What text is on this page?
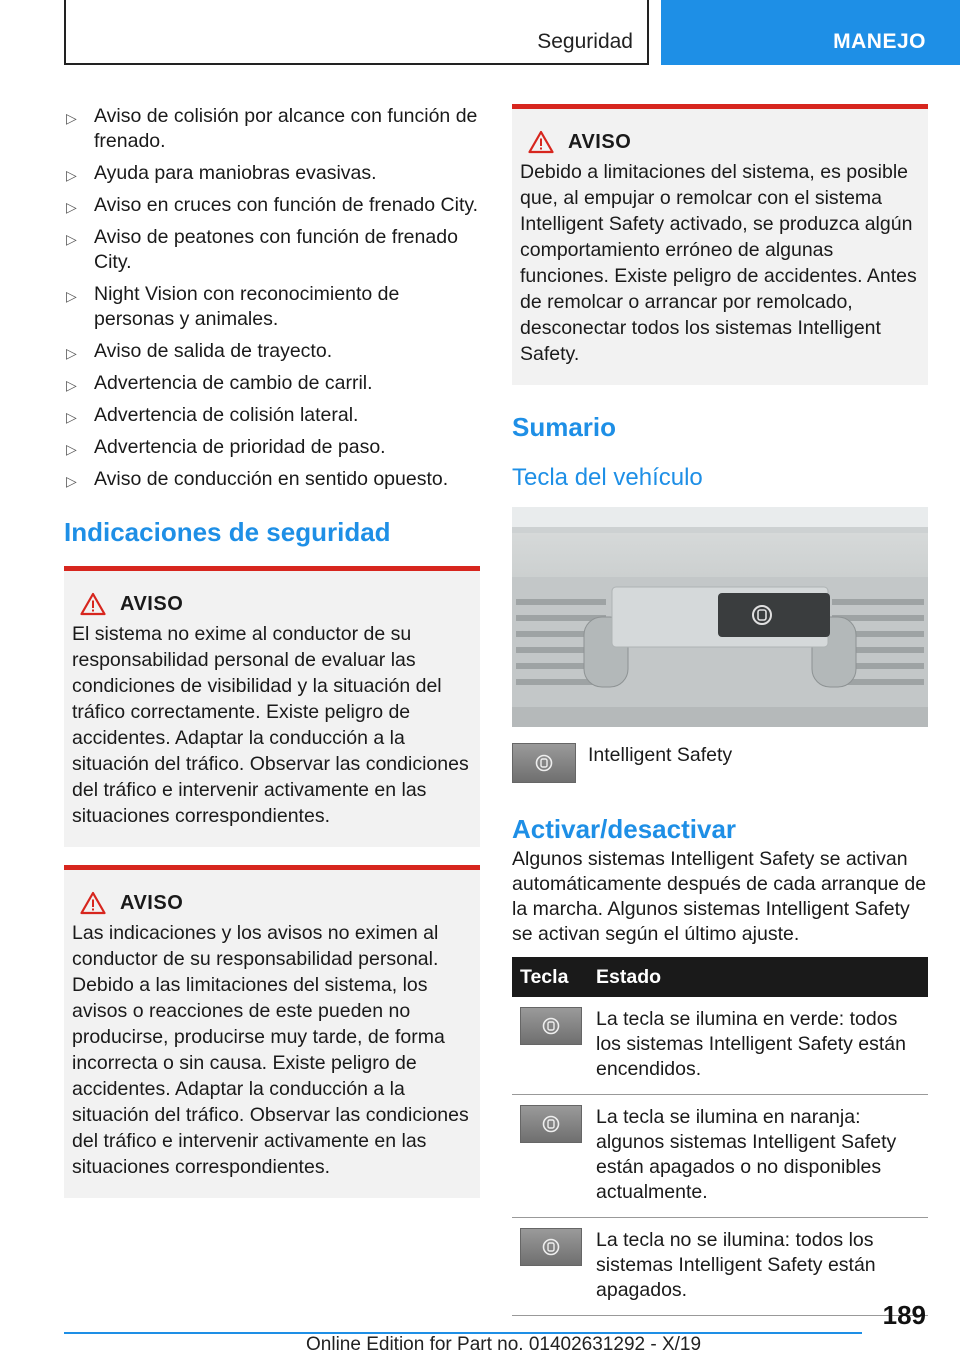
Seguridad	MANEJO
▷ Aviso de colisión por alcance con función de frenado.
▷ Ayuda para maniobras evasivas.
▷ Aviso en cruces con función de frenado City.
▷ Aviso de peatones con función de frenado City.
▷ Night Vision con reconocimiento de personas y animales.
▷ Aviso de salida de trayecto.
▷ Advertencia de cambio de carril.
▷ Advertencia de colisión lateral.
▷ Advertencia de prioridad de paso.
▷ Aviso de conducción en sentido opuesto.
Indicaciones de seguridad
AVISO

El sistema no exime al conductor de su responsabilidad personal de evaluar las condiciones de visibilidad y la situación del tráfico correctamente. Existe peligro de accidentes. Adaptar la conducción a la situación del tráfico. Observar las condiciones del tráfico e intervenir activamente en las situaciones correspondientes.

AVISO

Las indicaciones y los avisos no eximen al conductor de su responsabilidad personal. Debido a las limitaciones del sistema, los avisos o reacciones de este pueden no producirse, producirse muy tarde, de forma incorrecta o sin causa. Existe peligro de accidentes. Adaptar la conducción a la situación del tráfico. Observar las condiciones del tráfico e intervenir activamente en las situaciones correspondientes.

AVISO

Debido a limitaciones del sistema, es posible que, al empujar o remolcar con el sistema Intelligent Safety activado, se produzca algún comportamiento erróneo de algunas funciones. Existe peligro de accidentes. Antes de remolcar o arrancar por remolcado, desconectar todos los sistemas Intelligent Safety.

Sumario
Tecla del vehículo
Intelligent Safety
Activar/desactivar

Algunos sistemas Intelligent Safety se activan automáticamente después de cada arranque de la marcha. Algunos sistemas Intelligent Safety se activan según el último ajuste.

Tecla	Estado

	La tecla se ilumina en verde: todos los sistemas Intelligent Safety están encendidos.

	La tecla se ilumina en naranja: algunos sistemas Intelligent Safety están apagados o no disponibles actualmente.

	La tecla no se ilumina: todos los sistemas Intelligent Safety están apagados.
189
Online Edition for Part no. 01402631292 - X/19
